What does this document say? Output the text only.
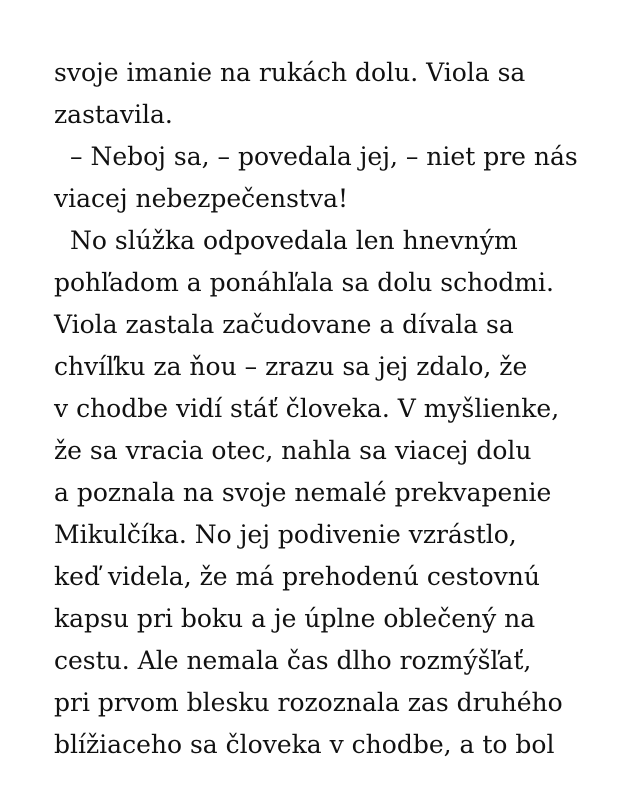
svoje imanie na rukách dolu. Viola sa
zastavila.
– Neboj sa, – povedala jej, – niet pre nás
viacej nebezpečenstva!
No slúžka odpovedala len hnevným
pohľadom a ponáhľala sa dolu schodmi.
Viola zastala začudovane a dívala sa
chvíľku za ňou – zrazu sa jej zdalo, že
v chodbe vidí stáť človeka. V myšlienke,
že sa vracia otec, nahla sa viacej dolu
a poznala na svoje nemalé prekvapenie
Mikulčíka. No jej podivenie vzrástlo,
keď videla, že má prehodenú cestovnú
kapsu pri boku a je úplne oblečený na
cestu. Ale nemala čas dlho rozmýšľať,
pri prvom blesku rozoznala zas druhého
blížiaceho sa človeka v chodbe, a to bol
